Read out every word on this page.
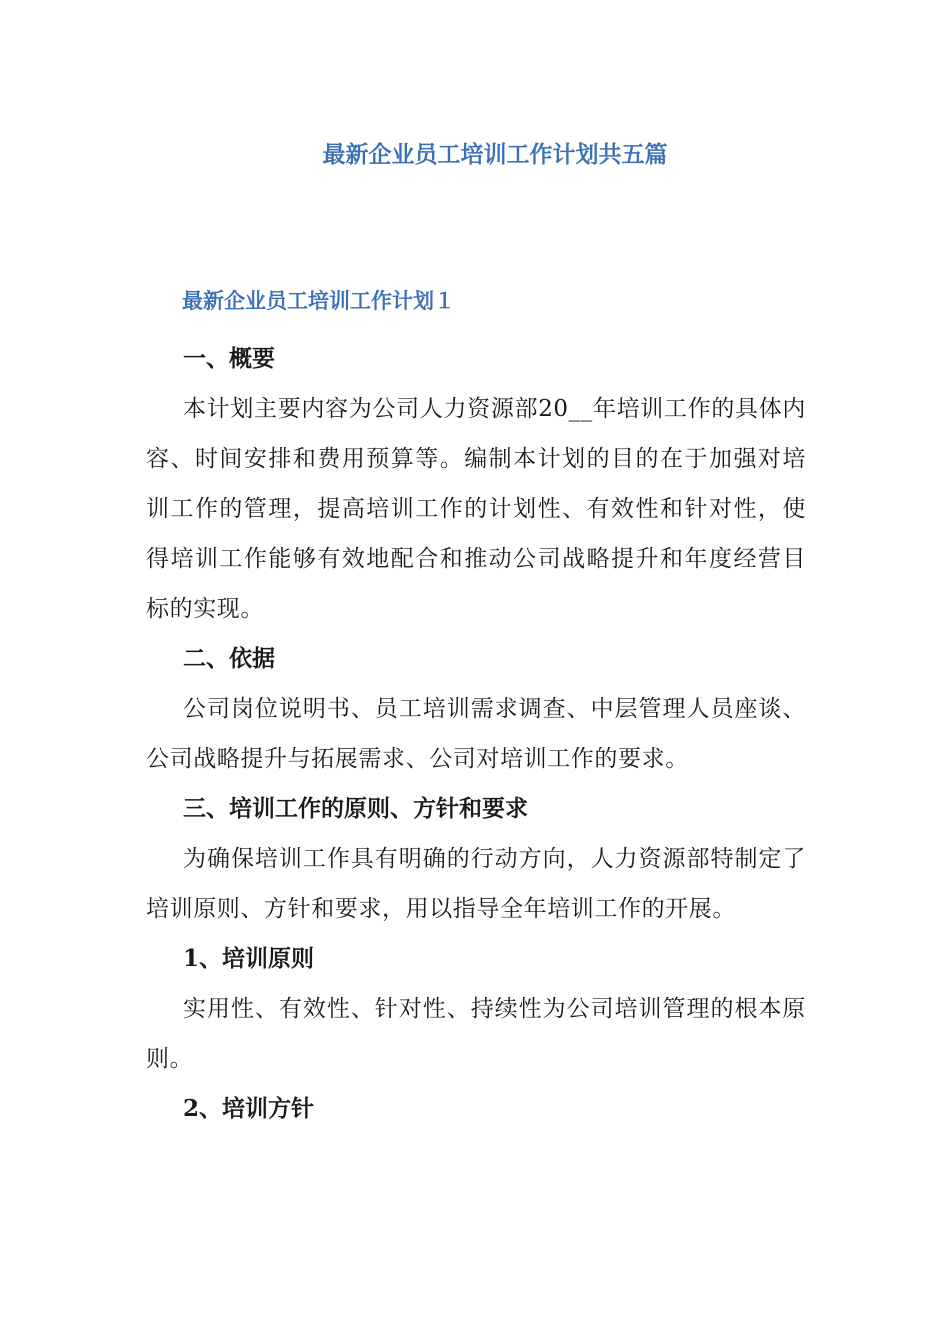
最新企业员工培训工作计划共五篇
最新企业员工培训工作计划１
一、概要
本计划主要内容为公司人力资源部20__年培训工作的具体内容、时间安排和费用预算等。编制本计划的目的在于加强对培训工作的管理，提高培训工作的计划性、有效性和针对性，使得培训工作能够有效地配合和推动公司战略提升和年度经营目标的实现。
二、依据
公司岗位说明书、员工培训需求调查、中层管理人员座谈、公司战略提升与拓展需求、公司对培训工作的要求。
三、培训工作的原则、方针和要求
为确保培训工作具有明确的行动方向，人力资源部特制定了培训原则、方针和要求，用以指导全年培训工作的开展。
1、培训原则
实用性、有效性、针对性、持续性为公司培训管理的根本原则。
2、培训方针
